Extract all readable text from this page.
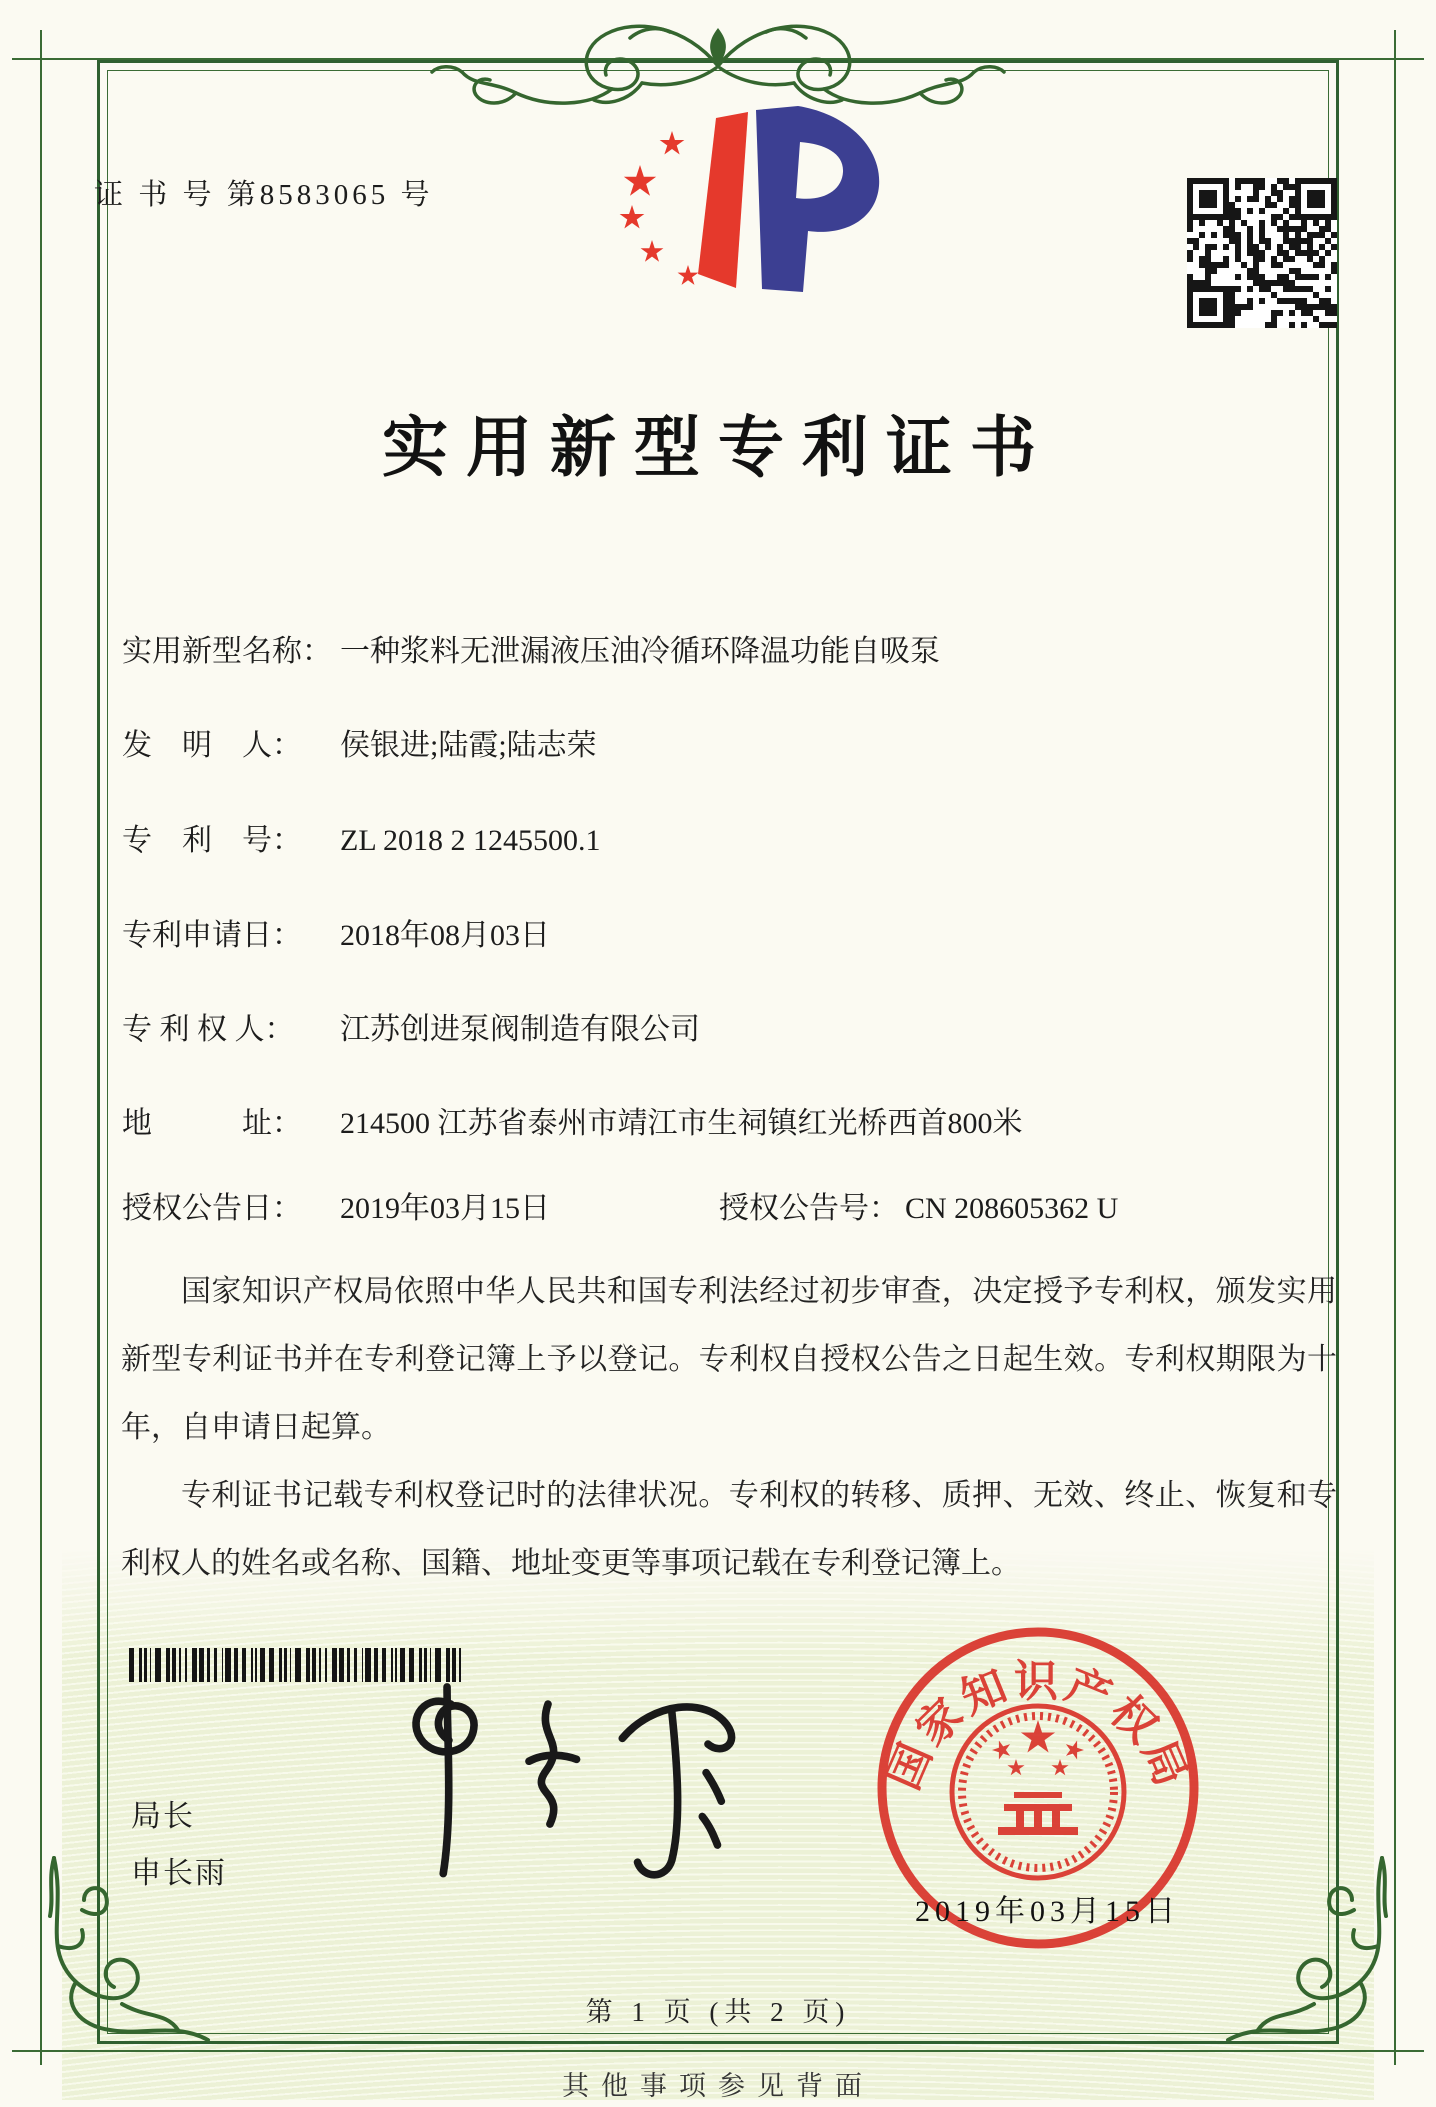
证 书 号 第8583065 号
实用新型专利证书
实用新型名称： 一种浆料无泄漏液压油冷循环降温功能自吸泵
发　明　人： 侯银进;陆霞;陆志荣
专　利　号： ZL 2018 2 1245500.1
专利申请日： 2018年08月03日
专 利 权 人： 江苏创进泵阀制造有限公司
地　　　址： 214500 江苏省泰州市靖江市生祠镇红光桥西首800米
授权公告日： 2019年03月15日	授权公告号： CN 208605362 U

国家知识产权局依照中华人民共和国专利法经过初步审查，决定授予专利权，颁发实用新型专利证书并在专利登记簿上予以登记。专利权自授权公告之日起生效。专利权期限为十年，自申请日起算。

专利证书记载专利权登记时的法律状况。专利权的转移、质押、无效、终止、恢复和专利权人的姓名或名称、国籍、地址变更等事项记载在专利登记簿上。

局长
申长雨
国家知识产权局
2019年03月15日
第 1 页 (共 2 页)
其他事项参见背面
